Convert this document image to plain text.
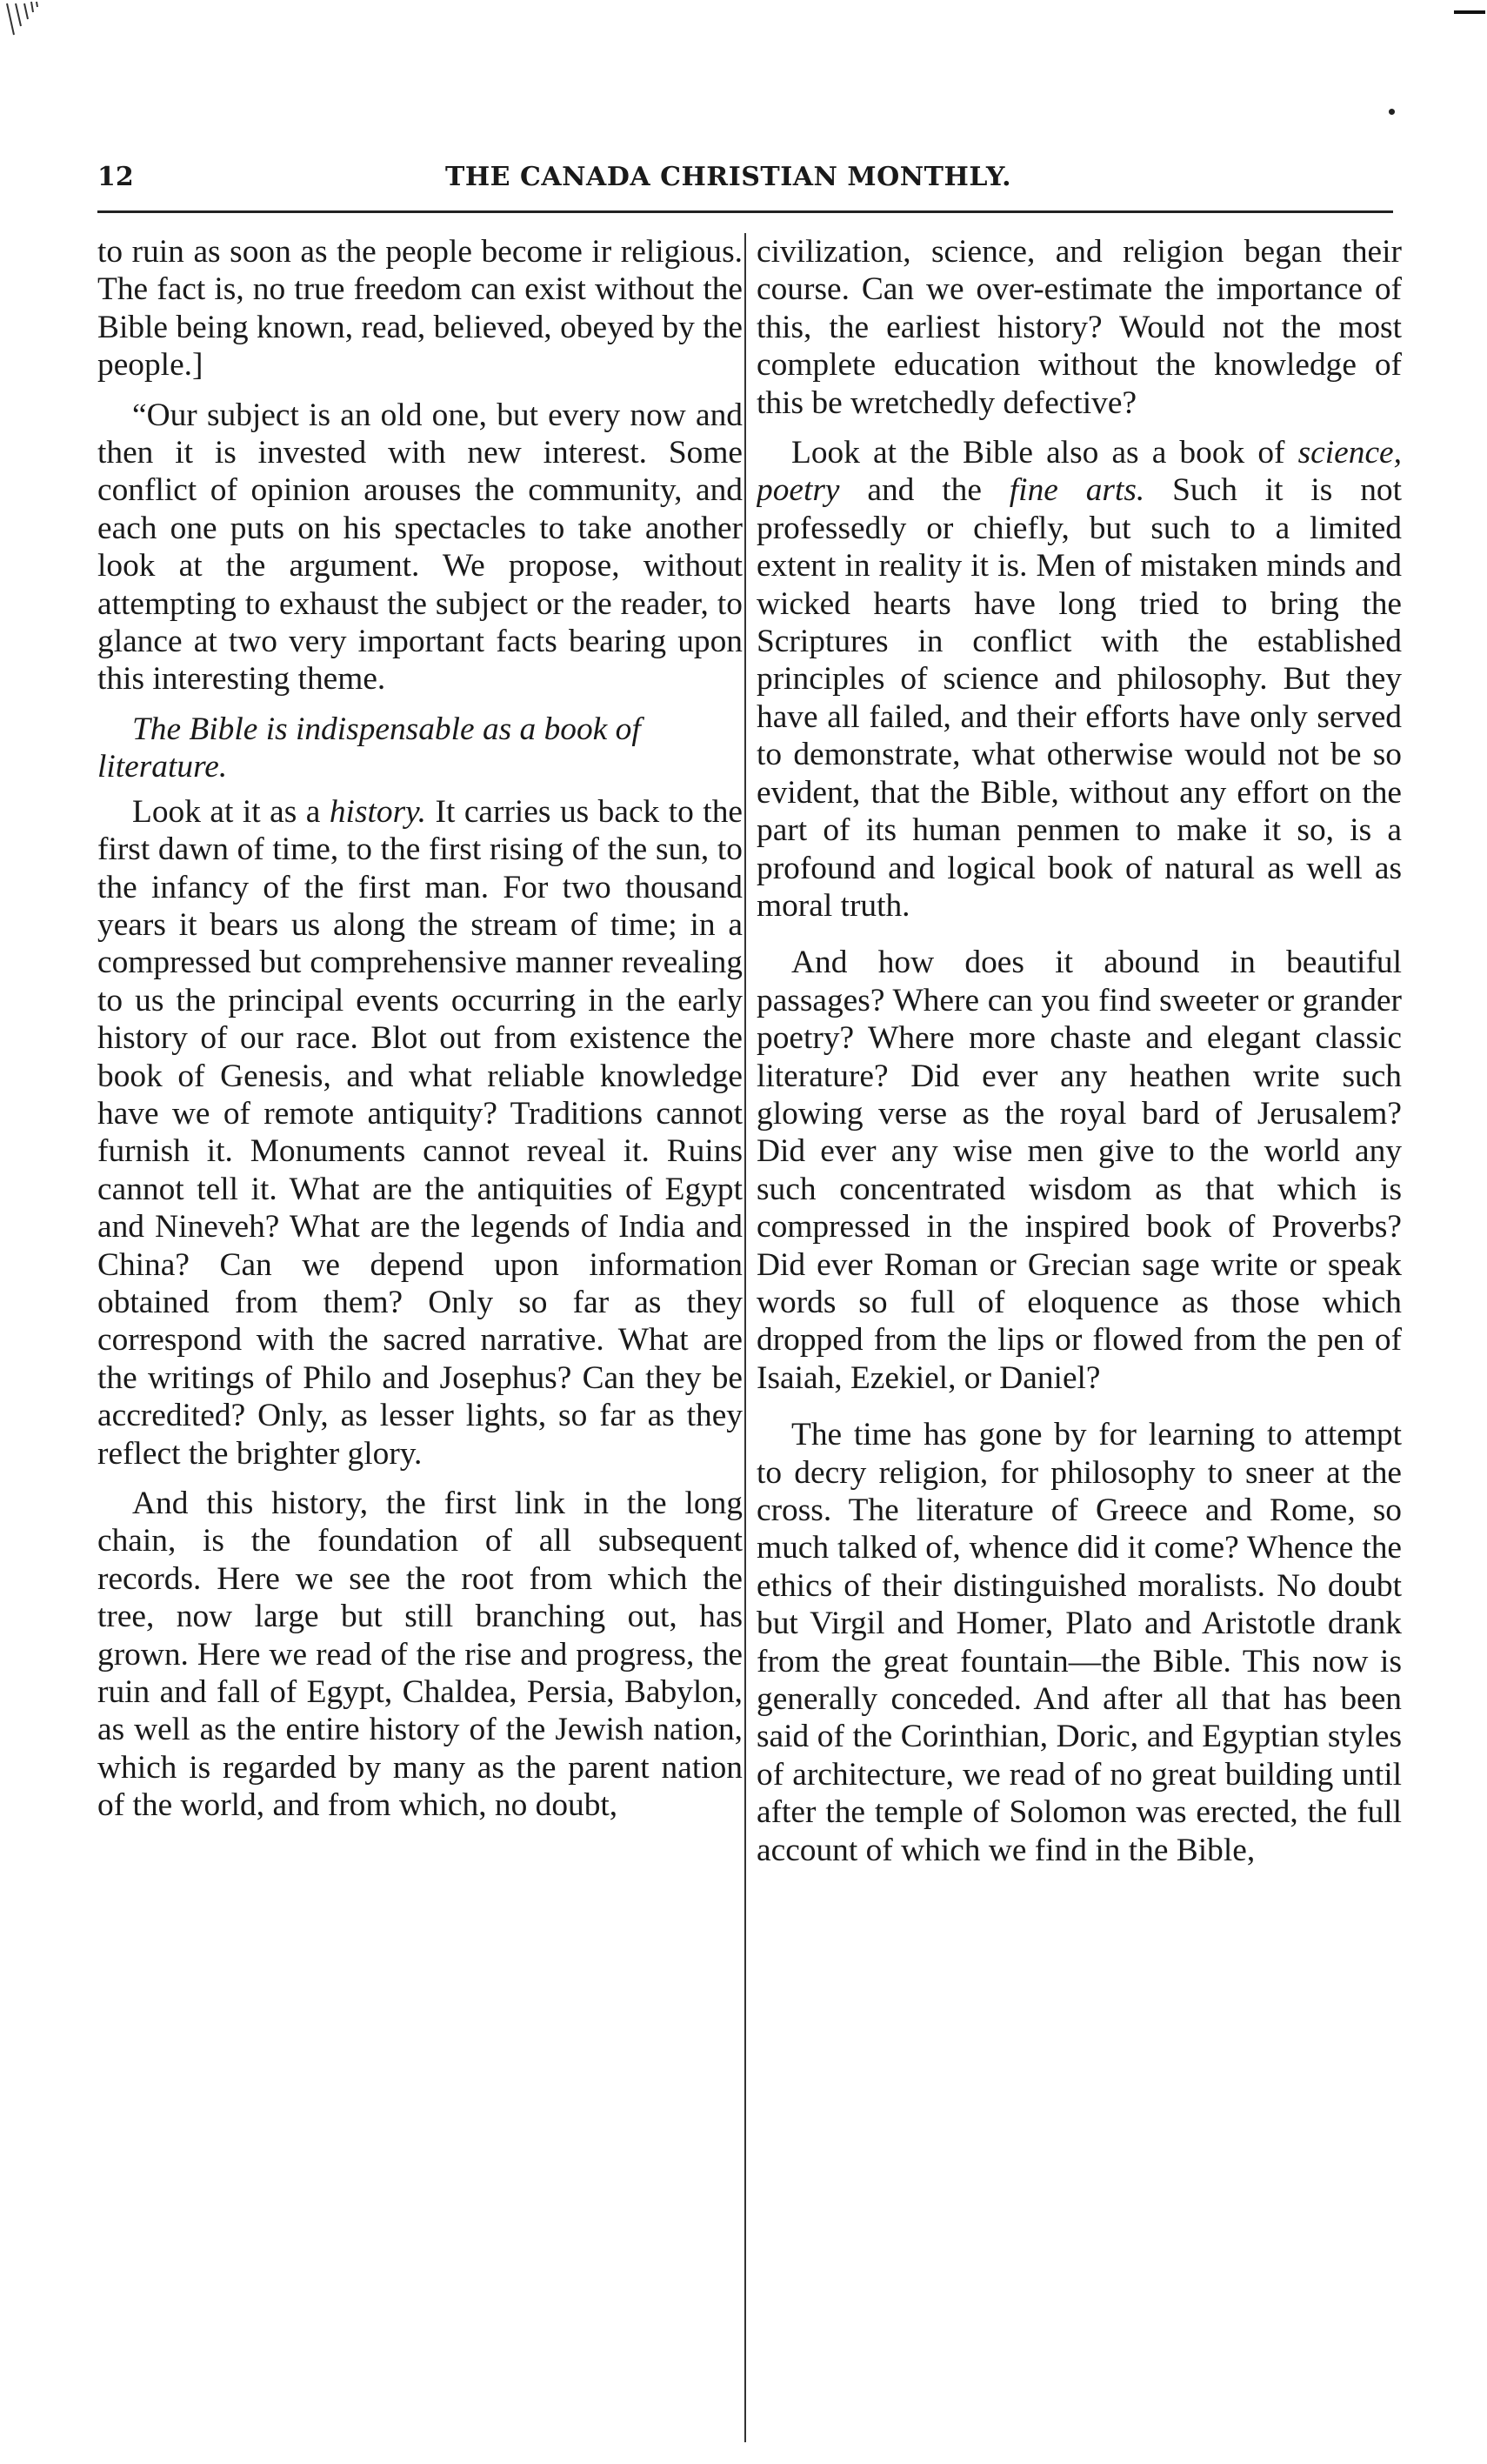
12	THE CANADA CHRISTIAN MONTHLY.

to ruin as soon as the people become ir religious. The fact is, no true freedom can exist without the Bible being known, read, believed, obeyed by the people.]

“Our subject is an old one, but every now and then it is invested with new interest. Some conflict of opinion arouses the community, and each one puts on his spectacles to take another look at the argument. We propose, without attempting to exhaust the subject or the reader, to glance at two very important facts bearing upon this interesting theme.

The Bible is indispensable as a book of literature.

Look at it as a history. It carries us back to the first dawn of time, to the first rising of the sun, to the infancy of the first man. For two thousand years it bears us along the stream of time; in a compressed but comprehensive manner revealing to us the principal events occurring in the early history of our race. Blot out from existence the book of Genesis, and what reliable knowledge have we of remote antiquity? Traditions cannot furnish it. Monuments cannot reveal it. Ruins cannot tell it. What are the antiquities of Egypt and Nineveh? What are the legends of India and China? Can we depend upon information obtained from them? Only so far as they correspond with the sacred narrative. What are the writings of Philo and Josephus? Can they be accredited? Only, as lesser lights, so far as they reflect the brighter glory.

And this history, the first link in the long chain, is the foundation of all subsequent records. Here we see the root from which the tree, now large but still branching out, has grown. Here we read of the rise and progress, the ruin and fall of Egypt, Chaldea, Persia, Babylon, as well as the entire history of the Jewish nation, which is regarded by many as the parent nation of the world, and from which, no doubt,

civilization, science, and religion began their course. Can we over-estimate the importance of this, the earliest history? Would not the most complete education without the knowledge of this be wretchedly defective?

Look at the Bible also as a book of science, poetry and the fine arts. Such it is not professedly or chiefly, but such to a limited extent in reality it is. Men of mistaken minds and wicked hearts have long tried to bring the Scriptures in conflict with the established principles of science and philosophy. But they have all failed, and their efforts have only served to demonstrate, what otherwise would not be so evident, that the Bible, without any effort on the part of its human penmen to make it so, is a profound and logical book of natural as well as moral truth.

And how does it abound in beautiful passages? Where can you find sweeter or grander poetry? Where more chaste and elegant classic literature? Did ever any heathen write such glowing verse as the royal bard of Jerusalem? Did ever any wise men give to the world any such concentrated wisdom as that which is compressed in the inspired book of Proverbs? Did ever Roman or Grecian sage write or speak words so full of eloquence as those which dropped from the lips or flowed from the pen of Isaiah, Ezekiel, or Daniel?

The time has gone by for learning to attempt to decry religion, for philosophy to sneer at the cross. The literature of Greece and Rome, so much talked of, whence did it come? Whence the ethics of their distinguished moralists. No doubt but Virgil and Homer, Plato and Aristotle drank from the great fountain—the Bible. This now is generally conceded. And after all that has been said of the Corinthian, Doric, and Egyptian styles of architecture, we read of no great building until after the temple of Solomon was erected, the full account of which we find in the Bible,
